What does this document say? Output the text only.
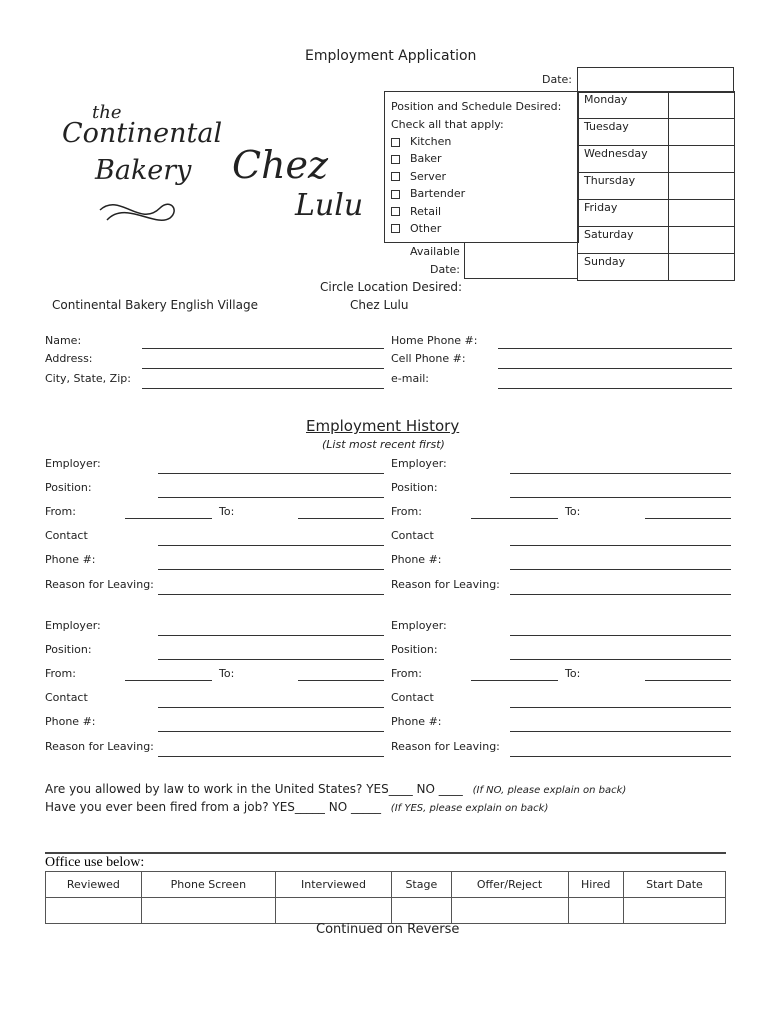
Employment Application
the
Continental
Bakery Chez
Lulu
Date:
Position and Schedule Desired:
Check all that apply:
Kitchen
Baker
Server
Bartender
Retail
Other
Available
Date:
Monday	
Tuesday	
Wednesday	
Thursday	
Friday	
Saturday	
Sunday	
Circle Location Desired:
Continental Bakery English Village	Chez Lulu
Name:
Address:
City, State, Zip:
Home Phone #:
Cell Phone #:
e-mail:
Employment History
(List most recent first)
Employer:
Position:
From:	To:
Contact
Phone #:
Reason for Leaving:
Employer:
Position:
From:	To:
Contact
Phone #:
Reason for Leaving:
Employer:
Position:
From:	To:
Contact
Phone #:
Reason for Leaving:
Employer:
Position:
From:	To:
Contact
Phone #:
Reason for Leaving:
Are you allowed by law to work in the United States? YES____ NO ____ (If NO, please explain on back)
Have you ever been fired from a job? YES_____ NO _____ (If YES, please explain on back)
Office use below:
Reviewed	Phone Screen	Interviewed	Stage	Offer/Reject	Hired	Start Date

Continued on Reverse
